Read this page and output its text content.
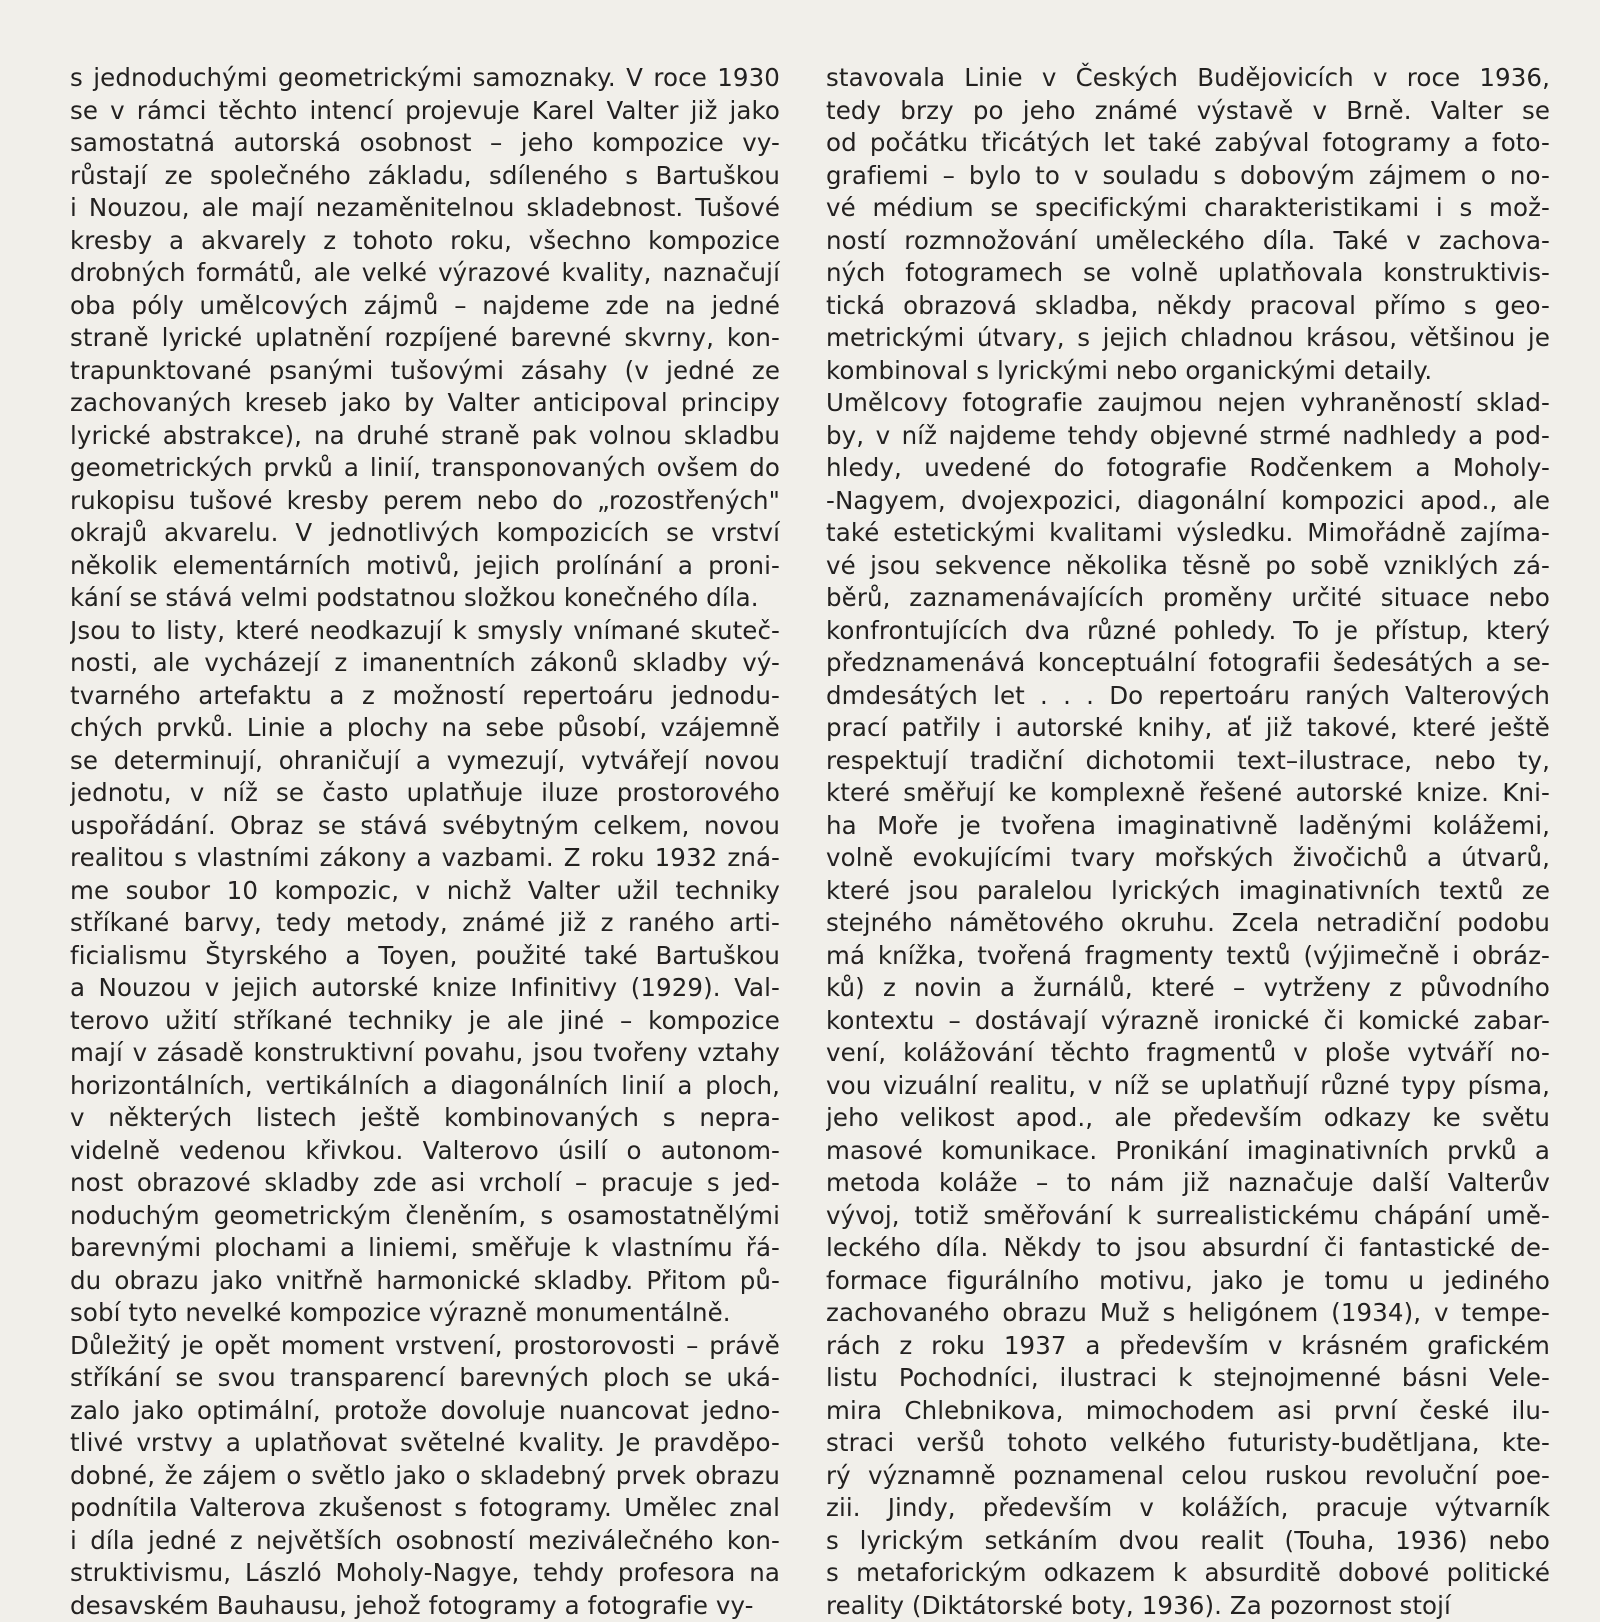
s jednoduchými geometrickými samoznaky. V roce 1930
se v rámci těchto intencí projevuje Karel Valter již jako
samostatná autorská osobnost – jeho kompozice vy-
růstají ze společného základu, sdíleného s Bartuškou
i Nouzou, ale mají nezaměnitelnou skladebnost. Tušové
kresby a akvarely z tohoto roku, všechno kompozice
drobných formátů, ale velké výrazové kvality, naznačují
oba póly umělcových zájmů – najdeme zde na jedné
straně lyrické uplatnění rozpíjené barevné skvrny, kon-
trapunktované psanými tušovými zásahy (v jedné ze
zachovaných kreseb jako by Valter anticipoval principy
lyrické abstrakce), na druhé straně pak volnou skladbu
geometrických prvků a linií, transponovaných ovšem do
rukopisu tušové kresby perem nebo do „rozostřených"
okrajů akvarelu. V jednotlivých kompozicích se vrství
několik elementárních motivů, jejich prolínání a proni-
kání se stává velmi podstatnou složkou konečného díla.
Jsou to listy, které neodkazují k smysly vnímané skuteč-
nosti, ale vycházejí z imanentních zákonů skladby vý-
tvarného artefaktu a z možností repertoáru jednodu-
chých prvků. Linie a plochy na sebe působí, vzájemně
se determinují, ohraničují a vymezují, vytvářejí novou
jednotu, v níž se často uplatňuje iluze prostorového
uspořádání. Obraz se stává svébytným celkem, novou
realitou s vlastními zákony a vazbami. Z roku 1932 zná-
me soubor 10 kompozic, v nichž Valter užil techniky
stříkané barvy, tedy metody, známé již z raného arti-
ficialismu Štyrského a Toyen, použité také Bartuškou
a Nouzou v jejich autorské knize Infinitivy (1929). Val-
terovo užití stříkané techniky je ale jiné – kompozice
mají v zásadě konstruktivní povahu, jsou tvořeny vztahy
horizontálních, vertikálních a diagonálních linií a ploch,
v některých listech ještě kombinovaných s nepra-
videlně vedenou křivkou. Valterovo úsilí o autonom-
nost obrazové skladby zde asi vrcholí – pracuje s jed-
noduchým geometrickým členěním, s osamostatnělými
barevnými plochami a liniemi, směřuje k vlastnímu řá-
du obrazu jako vnitřně harmonické skladby. Přitom pů-
sobí tyto nevelké kompozice výrazně monumentálně.
Důležitý je opět moment vrstvení, prostorovosti – právě
stříkání se svou transparencí barevných ploch se uká-
zalo jako optimální, protože dovoluje nuancovat jedno-
tlivé vrstvy a uplatňovat světelné kvality. Je pravděpo-
dobné, že zájem o světlo jako o skladebný prvek obrazu
podnítila Valterova zkušenost s fotogramy. Umělec znal
i díla jedné z největších osobností meziválečného kon-
struktivismu, László Moholy-Nagye, tehdy profesora na
desavském Bauhausu, jehož fotogramy a fotografie vy-
stavovala Linie v Českých Budějovicích v roce 1936,
tedy brzy po jeho známé výstavě v Brně. Valter se
od počátku třicátých let také zabýval fotogramy a foto-
grafiemi – bylo to v souladu s dobovým zájmem o no-
vé médium se specifickými charakteristikami i s mož-
ností rozmnožování uměleckého díla. Také v zachova-
ných fotogramech se volně uplatňovala konstruktivis-
tická obrazová skladba, někdy pracoval přímo s geo-
metrickými útvary, s jejich chladnou krásou, většinou je
kombinoval s lyrickými nebo organickými detaily.
Umělcovy fotografie zaujmou nejen vyhraněností sklad-
by, v níž najdeme tehdy objevné strmé nadhledy a pod-
hledy, uvedené do fotografie Rodčenkem a Moholy-
-Nagyem, dvojexpozici, diagonální kompozici apod., ale
také estetickými kvalitami výsledku. Mimořádně zajíma-
vé jsou sekvence několika těsně po sobě vzniklých zá-
běrů, zaznamenávajících proměny určité situace nebo
konfrontujících dva různé pohledy. To je přístup, který
předznamenává konceptuální fotografii šedesátých a se-
dmdesátých let . . . Do repertoáru raných Valterových
prací patřily i autorské knihy, ať již takové, které ještě
respektují tradiční dichotomii text–ilustrace, nebo ty,
které směřují ke komplexně řešené autorské knize. Kni-
ha Moře je tvořena imaginativně laděnými kolážemi,
volně evokujícími tvary mořských živočichů a útvarů,
které jsou paralelou lyrických imaginativních textů ze
stejného námětového okruhu. Zcela netradiční podobu
má knížka, tvořená fragmenty textů (výjimečně i obráz-
ků) z novin a žurnálů, které – vytrženy z původního
kontextu – dostávají výrazně ironické či komické zabar-
vení, kolážování těchto fragmentů v ploše vytváří no-
vou vizuální realitu, v níž se uplatňují různé typy písma,
jeho velikost apod., ale především odkazy ke světu
masové komunikace. Pronikání imaginativních prvků a
metoda koláže – to nám již naznačuje další Valterův
vývoj, totiž směřování k surrealistickému chápání umě-
leckého díla. Někdy to jsou absurdní či fantastické de-
formace figurálního motivu, jako je tomu u jediného
zachovaného obrazu Muž s heligónem (1934), v tempe-
rách z roku 1937 a především v krásném grafickém
listu Pochodníci, ilustraci k stejnojmenné básni Vele-
mira Chlebnikova, mimochodem asi první české ilu-
straci veršů tohoto velkého futuristy-budětljana, kte-
rý významně poznamenal celou ruskou revoluční poe-
zii. Jindy, především v kolážích, pracuje výtvarník
s lyrickým setkáním dvou realit (Touha, 1936) nebo
s metaforickým odkazem k absurditě dobové politické
reality (Diktátorské boty, 1936). Za pozornost stojí
